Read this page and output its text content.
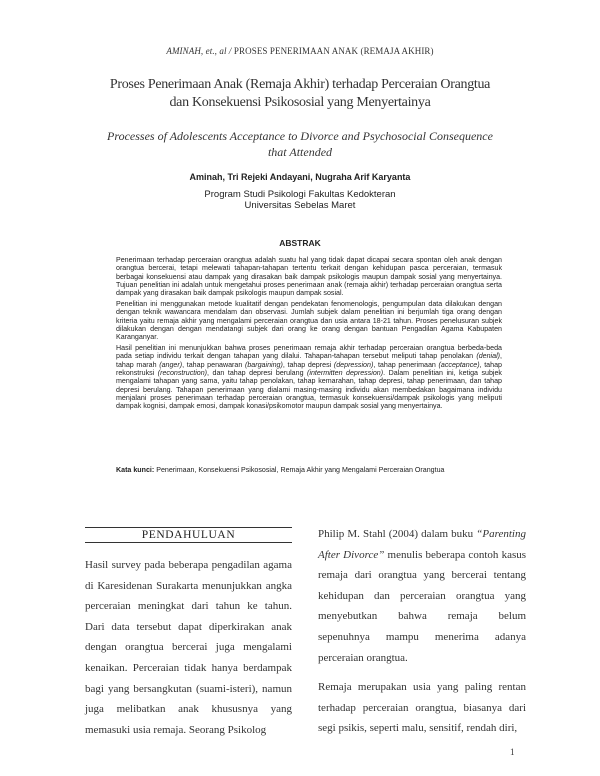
AMINAH, et., al / PROSES PENERIMAAN ANAK (REMAJA AKHIR)
Proses Penerimaan Anak (Remaja Akhir) terhadap Perceraian Orangtua dan Konsekuensi Psikososial yang Menyertainya
Processes of Adolescents Acceptance to Divorce and Psychosocial Consequence that Attended
Aminah, Tri Rejeki Andayani, Nugraha Arif Karyanta
Program Studi Psikologi Fakultas Kedokteran
Universitas Sebelas Maret
ABSTRAK

Penerimaan terhadap perceraian orangtua adalah suatu hal yang tidak dapat dicapai secara spontan oleh anak dengan orangtua bercerai, tetapi melewati tahapan-tahapan tertentu terkait dengan kehidupan pasca perceraian, termasuk berbagai konsekuensi atau dampak yang dirasakan baik dampak psikologis maupun dampak sosial yang menyertainya. Tujuan penelitian ini adalah untuk mengetahui proses penerimaan anak (remaja akhir) terhadap perceraian orangtua serta dampak yang dirasakan baik dampak psikologis maupun dampak sosial.

Penelitian ini menggunakan metode kualitatif dengan pendekatan fenomenologis, pengumpulan data dilakukan dengan dengan teknik wawancara mendalam dan observasi. Jumlah subjek dalam penelitian ini berjumlah tiga orang dengan kriteria yaitu remaja akhir yang mengalami perceraian orangtua dan usia antara 18-21 tahun. Proses penelusuran subjek dilakukan dengan dengan mendatangi subjek dari orang ke orang dengan bantuan Pengadilan Agama Kabupaten Karanganyar.

Hasil penelitian ini menunjukkan bahwa proses penerimaan remaja akhir terhadap perceraian orangtua berbeda-beda pada setiap individu terkait dengan tahapan yang dilalui. Tahapan-tahapan tersebut meliputi tahap penolakan (denial), tahap marah (anger), tahap penawaran (bargaining), tahap depresi (depression), tahap penerimaan (acceptance), tahap rekonstruksi (reconstruction), dan tahap depresi berulang (intermitten depression). Dalam penelitian ini, ketiga subjek mengalami tahapan yang sama, yaitu tahap penolakan, tahap kemarahan, tahap depresi, tahap penerimaan, dan tahap depresi berulang. Tahapan penerimaan yang dialami masing-masing individu akan membedakan bagaimana individu menjalani proses penerimaan terhadap perceraian orangtua, termasuk konsekuensi/dampak psikologis yang meliputi dampak kognisi, dampak emosi, dampak konasi/psikomotor maupun dampak sosial yang menyertainya.

Kata kunci: Penerimaan, Konsekuensi Psikososial, Remaja Akhir yang Mengalami Perceraian Orangtua
PENDAHULUAN

Hasil survey pada beberapa pengadilan agama di Karesidenan Surakarta menunjukkan angka perceraian meningkat dari tahun ke tahun. Dari data tersebut dapat diperkirakan anak dengan orangtua bercerai juga mengalami kenaikan. Perceraian tidak hanya berdampak bagi yang bersangkutan (suami-isteri), namun juga melibatkan anak khususnya yang memasuki usia remaja. Seorang Psikolog

Philip M. Stahl (2004) dalam buku “Parenting After Divorce” menulis beberapa contoh kasus remaja dari orangtua yang bercerai tentang kehidupan dan perceraian orangtua yang menyebutkan bahwa remaja belum sepenuhnya mampu menerima adanya perceraian orangtua.

Remaja merupakan usia yang paling rentan terhadap perceraian orangtua, biasanya dari segi psikis, seperti malu, sensitif, rendah diri,

1
